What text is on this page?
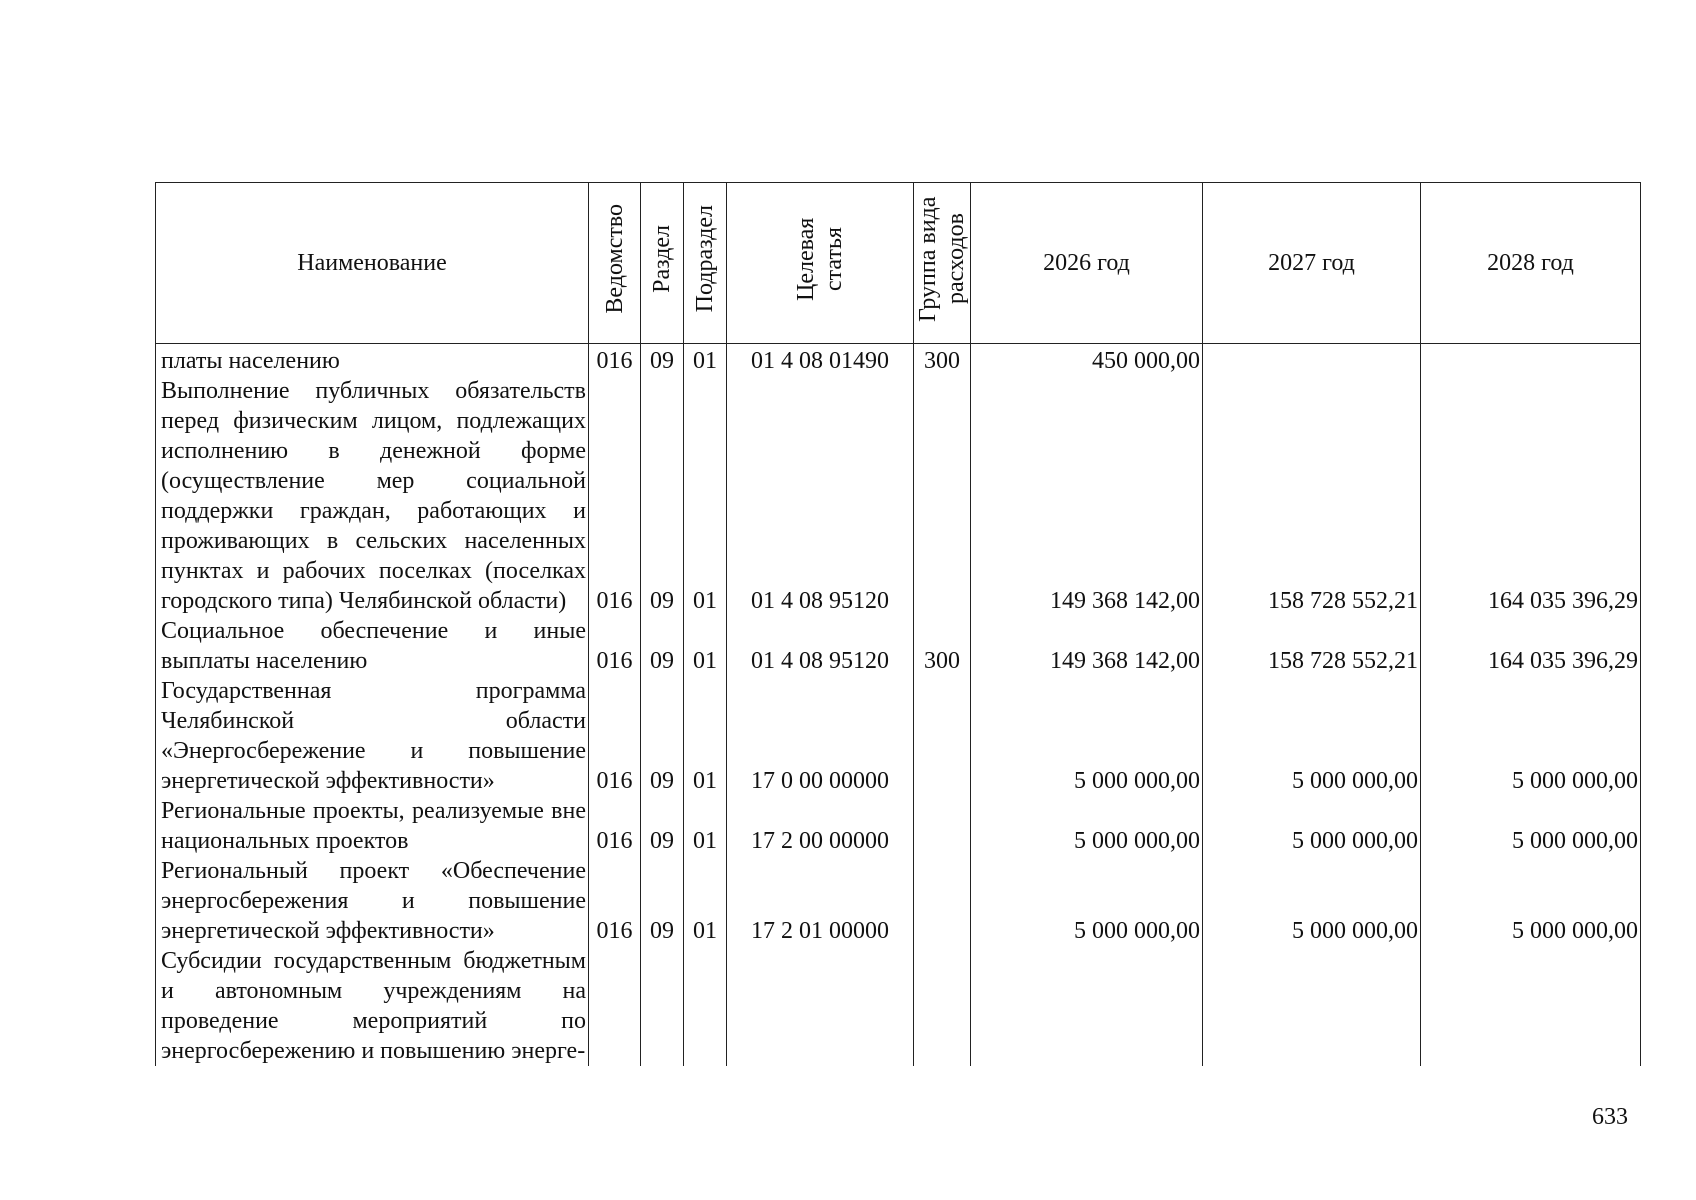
Наименование	Ведомство	Раздел	Подраздел	Целевая статья	Группа вида расходов	2026 год	2027 год	2028 год
платы населению	016	09	01	01 4 08 01490	300	450 000,00		
Выполнение публичных обязательств перед физическим лицом, подлежащих исполнению в денежной форме (осуществление мер социальной поддержки граждан, работающих и проживающих в сельских населенных пунктах и рабочих поселках (поселках городского типа) Челябинской области)	016	09	01	01 4 08 95120		149 368 142,00	158 728 552,21	164 035 396,29
Социальное обеспечение и иные выплаты населению	016	09	01	01 4 08 95120	300	149 368 142,00	158 728 552,21	164 035 396,29
Государственная программа Челябинской области «Энергосбережение и повышение энергетической эффективности»	016	09	01	17 0 00 00000		5 000 000,00	5 000 000,00	5 000 000,00
Региональные проекты, реализуемые вне национальных проектов	016	09	01	17 2 00 00000		5 000 000,00	5 000 000,00	5 000 000,00
Региональный проект «Обеспечение энергосбережения и повышение энергетической эффективности»	016	09	01	17 2 01 00000		5 000 000,00	5 000 000,00	5 000 000,00
Субсидии государственным бюджетным и автономным учреждениям на проведение мероприятий по энергосбережению и повышению энерге-								
633
